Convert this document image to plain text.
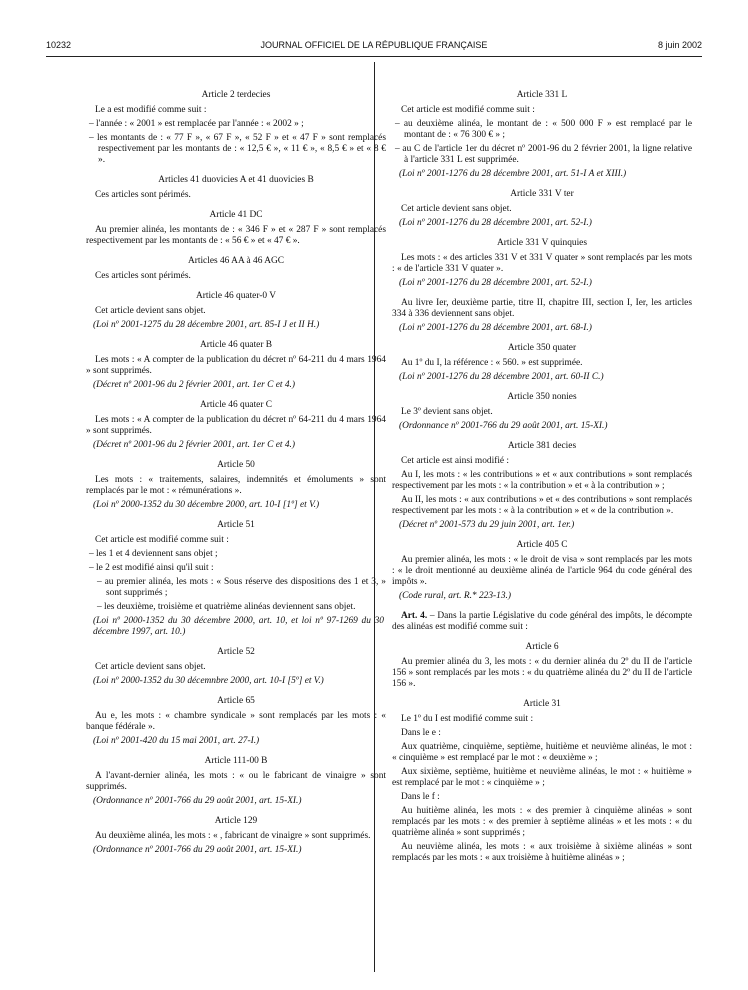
10232	JOURNAL OFFICIEL DE LA RÉPUBLIQUE FRANÇAISE	8 juin 2002
Article 2 terdecies
Le a est modifié comme suit :
– l'année : « 2001 » est remplacée par l'année : « 2002 » ;
– les montants de : « 77 F », « 67 F », « 52 F » et « 47 F » sont remplacés respectivement par les montants de : « 12,5 € », « 11 € », « 8,5 € » et « 8 € ».
Articles 41 duovicies A et 41 duovicies B
Ces articles sont périmés.
Article 41 DC
Au premier alinéa, les montants de : « 346 F » et « 287 F » sont remplacés respectivement par les montants de : « 56 € » et « 47 € ».
Articles 46 AA à 46 AGC
Ces articles sont périmés.
Article 46 quater-0 V
Cet article devient sans objet.
(Loi nº 2001-1275 du 28 décembre 2001, art. 85-I J et II H.)
Article 46 quater B
Les mots : « A compter de la publication du décret nº 64-211 du 4 mars 1964 » sont supprimés.
(Décret nº 2001-96 du 2 février 2001, art. 1er C et 4.)
Article 46 quater C
Les mots : « A compter de la publication du décret nº 64-211 du 4 mars 1964 » sont supprimés.
(Décret nº 2001-96 du 2 février 2001, art. 1er C et 4.)
Article 50
Les mots : « traitements, salaires, indemnités et émoluments » sont remplacés par le mot : « rémunérations ».
(Loi nº 2000-1352 du 30 décembre 2000, art. 10-I [1º] et V.)
Article 51
Cet article est modifié comme suit :
– les 1 et 4 deviennent sans objet ;
– le 2 est modifié ainsi qu'il suit :
– au premier alinéa, les mots : « Sous réserve des dispositions des 1 et 3, » sont supprimés ;
– les deuxième, troisième et quatrième alinéas deviennent sans objet.
(Loi nº 2000-1352 du 30 décembre 2000, art. 10, et loi nº 97-1269 du 30 décembre 1997, art. 10.)
Article 52
Cet article devient sans objet.
(Loi nº 2000-1352 du 30 décemnbre 2000, art. 10-I [5º] et V.)
Article 65
Au e, les mots : « chambre syndicale » sont remplacés par les mots : « banque fédérale ».
(Loi nº 2001-420 du 15 mai 2001, art. 27-I.)
Article 111-00 B
A l'avant-dernier alinéa, les mots : « ou le fabricant de vinaigre » sont supprimés.
(Ordonnance nº 2001-766 du 29 août 2001, art. 15-XI.)
Article 129
Au deuxième alinéa, les mots : « , fabricant de vinaigre » sont supprimés.
(Ordonnance nº 2001-766 du 29 août 2001, art. 15-XI.)
Article 331 L
Cet article est modifié comme suit :
– au deuxième alinéa, le montant de : « 500 000 F » est remplacé par le montant de : « 76 300 € » ;
– au C de l'article 1er du décret nº 2001-96 du 2 février 2001, la ligne relative à l'article 331 L est supprimée.
(Loi nº 2001-1276 du 28 décembre 2001, art. 51-I A et XIII.)
Article 331 V ter
Cet article devient sans objet.
(Loi nº 2001-1276 du 28 décembre 2001, art. 52-I.)
Article 331 V quinquies
Les mots : « des articles 331 V et 331 V quater » sont remplacés par les mots : « de l'article 331 V quater ».
(Loi nº 2001-1276 du 28 décembre 2001, art. 52-I.)
Au livre Ier, deuxième partie, titre II, chapitre III, section I, Ier, les articles 334 à 336 deviennent sans objet.
(Loi nº 2001-1276 du 28 décembre 2001, art. 68-I.)
Article 350 quater
Au 1º du I, la référence : « 560. » est supprimée.
(Loi nº 2001-1276 du 28 décembre 2001, art. 60-II C.)
Article 350 nonies
Le 3º devient sans objet.
(Ordonnance nº 2001-766 du 29 août 2001, art. 15-XI.)
Article 381 decies
Cet article est ainsi modifié :
Au I, les mots : « les contributions » et « aux contributions » sont remplacés respectivement par les mots : « la contribution » et « à la contribution » ;
Au II, les mots : « aux contributions » et « des contributions » sont remplacés respectivement par les mots : « à la contribution » et « de la contribution ».
(Décret nº 2001-573 du 29 juin 2001, art. 1er.)
Article 405 C
Au premier alinéa, les mots : « le droit de visa » sont remplacés par les mots : « le droit mentionné au deuxième alinéa de l'article 964 du code général des impôts ».
(Code rural, art. R.* 223-13.)
Art. 4. – Dans la partie Législative du code général des impôts, le décompte des alinéas est modifié comme suit :
Article 6
Au premier alinéa du 3, les mots : « du dernier alinéa du 2º du II de l'article 156 » sont remplacés par les mots : « du quatrième alinéa du 2º du II de l'article 156 ».
Article 31
Le 1º du I est modifié comme suit :
Dans le e :
Aux quatrième, cinquième, septième, huitième et neuvième alinéas, le mot : « cinquième » est remplacé par le mot : « deuxième » ;
Aux sixième, septième, huitième et neuvième alinéas, le mot : « huitième » est remplacé par le mot : « cinquième » ;
Dans le f :
Au huitième alinéa, les mots : « des premier à cinquième alinéas » sont remplacés par les mots : « des premier à septième alinéas » et les mots : « du quatrième alinéa » sont supprimés ;
Au neuvième alinéa, les mots : « aux troisième à sixième alinéas » sont remplacés par les mots : « aux troisième à huitième alinéas » ;
